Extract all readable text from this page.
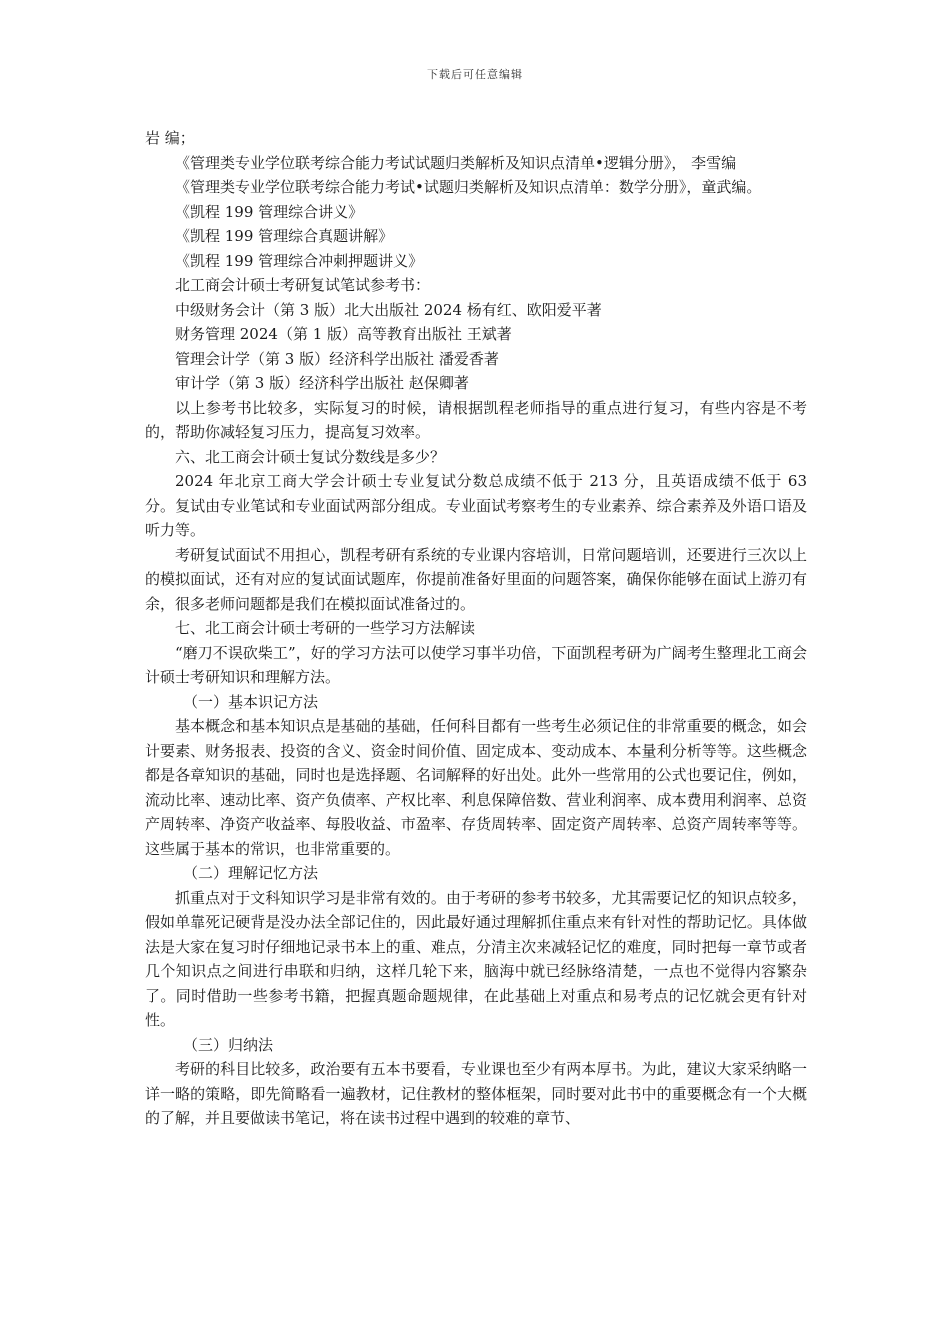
下载后可任意编辑

岩 编；

《管理类专业学位联考综合能力考试试题归类解析及知识点清单•逻辑分册》， 李雪编

《管理类专业学位联考综合能力考试•试题归类解析及知识点清单：数学分册》，童武编。

《凯程 199 管理综合讲义》

《凯程 199 管理综合真题讲解》

《凯程 199 管理综合冲刺押题讲义》

北工商会计硕士考研复试笔试参考书：

中级财务会计（第 3 版）北大出版社 2024 杨有红、欧阳爱平著

财务管理 2024（第 1 版）高等教育出版社 王斌著

管理会计学（第 3 版）经济科学出版社 潘爱香著

审计学（第 3 版）经济科学出版社 赵保卿著

以上参考书比较多，实际复习的时候，请根据凯程老师指导的重点进行复习，有些内容是不考的，帮助你减轻复习压力，提高复习效率。

六、北工商会计硕士复试分数线是多少？

2024 年北京工商大学会计硕士专业复试分数总成绩不低于 213 分，且英语成绩不低于 63 分。复试由专业笔试和专业面试两部分组成。专业面试考察考生的专业素养、综合素养及外语口语及听力等。

考研复试面试不用担心，凯程考研有系统的专业课内容培训，日常问题培训，还要进行三次以上的模拟面试，还有对应的复试面试题库，你提前准备好里面的问题答案，确保你能够在面试上游刃有余，很多老师问题都是我们在模拟面试准备过的。

七、北工商会计硕士考研的一些学习方法解读

“磨刀不误砍柴工”，好的学习方法可以使学习事半功倍，下面凯程考研为广阔考生整理北工商会计硕士考研知识和理解方法。

（一）基本识记方法

基本概念和基本知识点是基础的基础，任何科目都有一些考生必须记住的非常重要的概念，如会计要素、财务报表、投资的含义、资金时间价值、固定成本、变动成本、本量利分析等等。这些概念都是各章知识的基础，同时也是选择题、名词解释的好出处。此外一些常用的公式也要记住，例如，流动比率、速动比率、资产负债率、产权比率、利息保障倍数、营业利润率、成本费用利润率、总资产周转率、净资产收益率、每股收益、市盈率、存货周转率、固定资产周转率、总资产周转率等等。这些属于基本的常识，也非常重要的。

（二）理解记忆方法

抓重点对于文科知识学习是非常有效的。由于考研的参考书较多，尤其需要记忆的知识点较多，假如单靠死记硬背是没办法全部记住的，因此最好通过理解抓住重点来有针对性的帮助记忆。具体做法是大家在复习时仔细地记录书本上的重、难点，分清主次来减轻记忆的难度，同时把每一章节或者几个知识点之间进行串联和归纳，这样几轮下来，脑海中就已经脉络清楚，一点也不觉得内容繁杂了。同时借助一些参考书籍，把握真题命题规律，在此基础上对重点和易考点的记忆就会更有针对性。

（三）归纳法

考研的科目比较多，政治要有五本书要看，专业课也至少有两本厚书。为此，建议大家采纳略一详一略的策略，即先简略看一遍教材，记住教材的整体框架，同时要对此书中的重要概念有一个大概的了解，并且要做读书笔记，将在读书过程中遇到的较难的章节、
